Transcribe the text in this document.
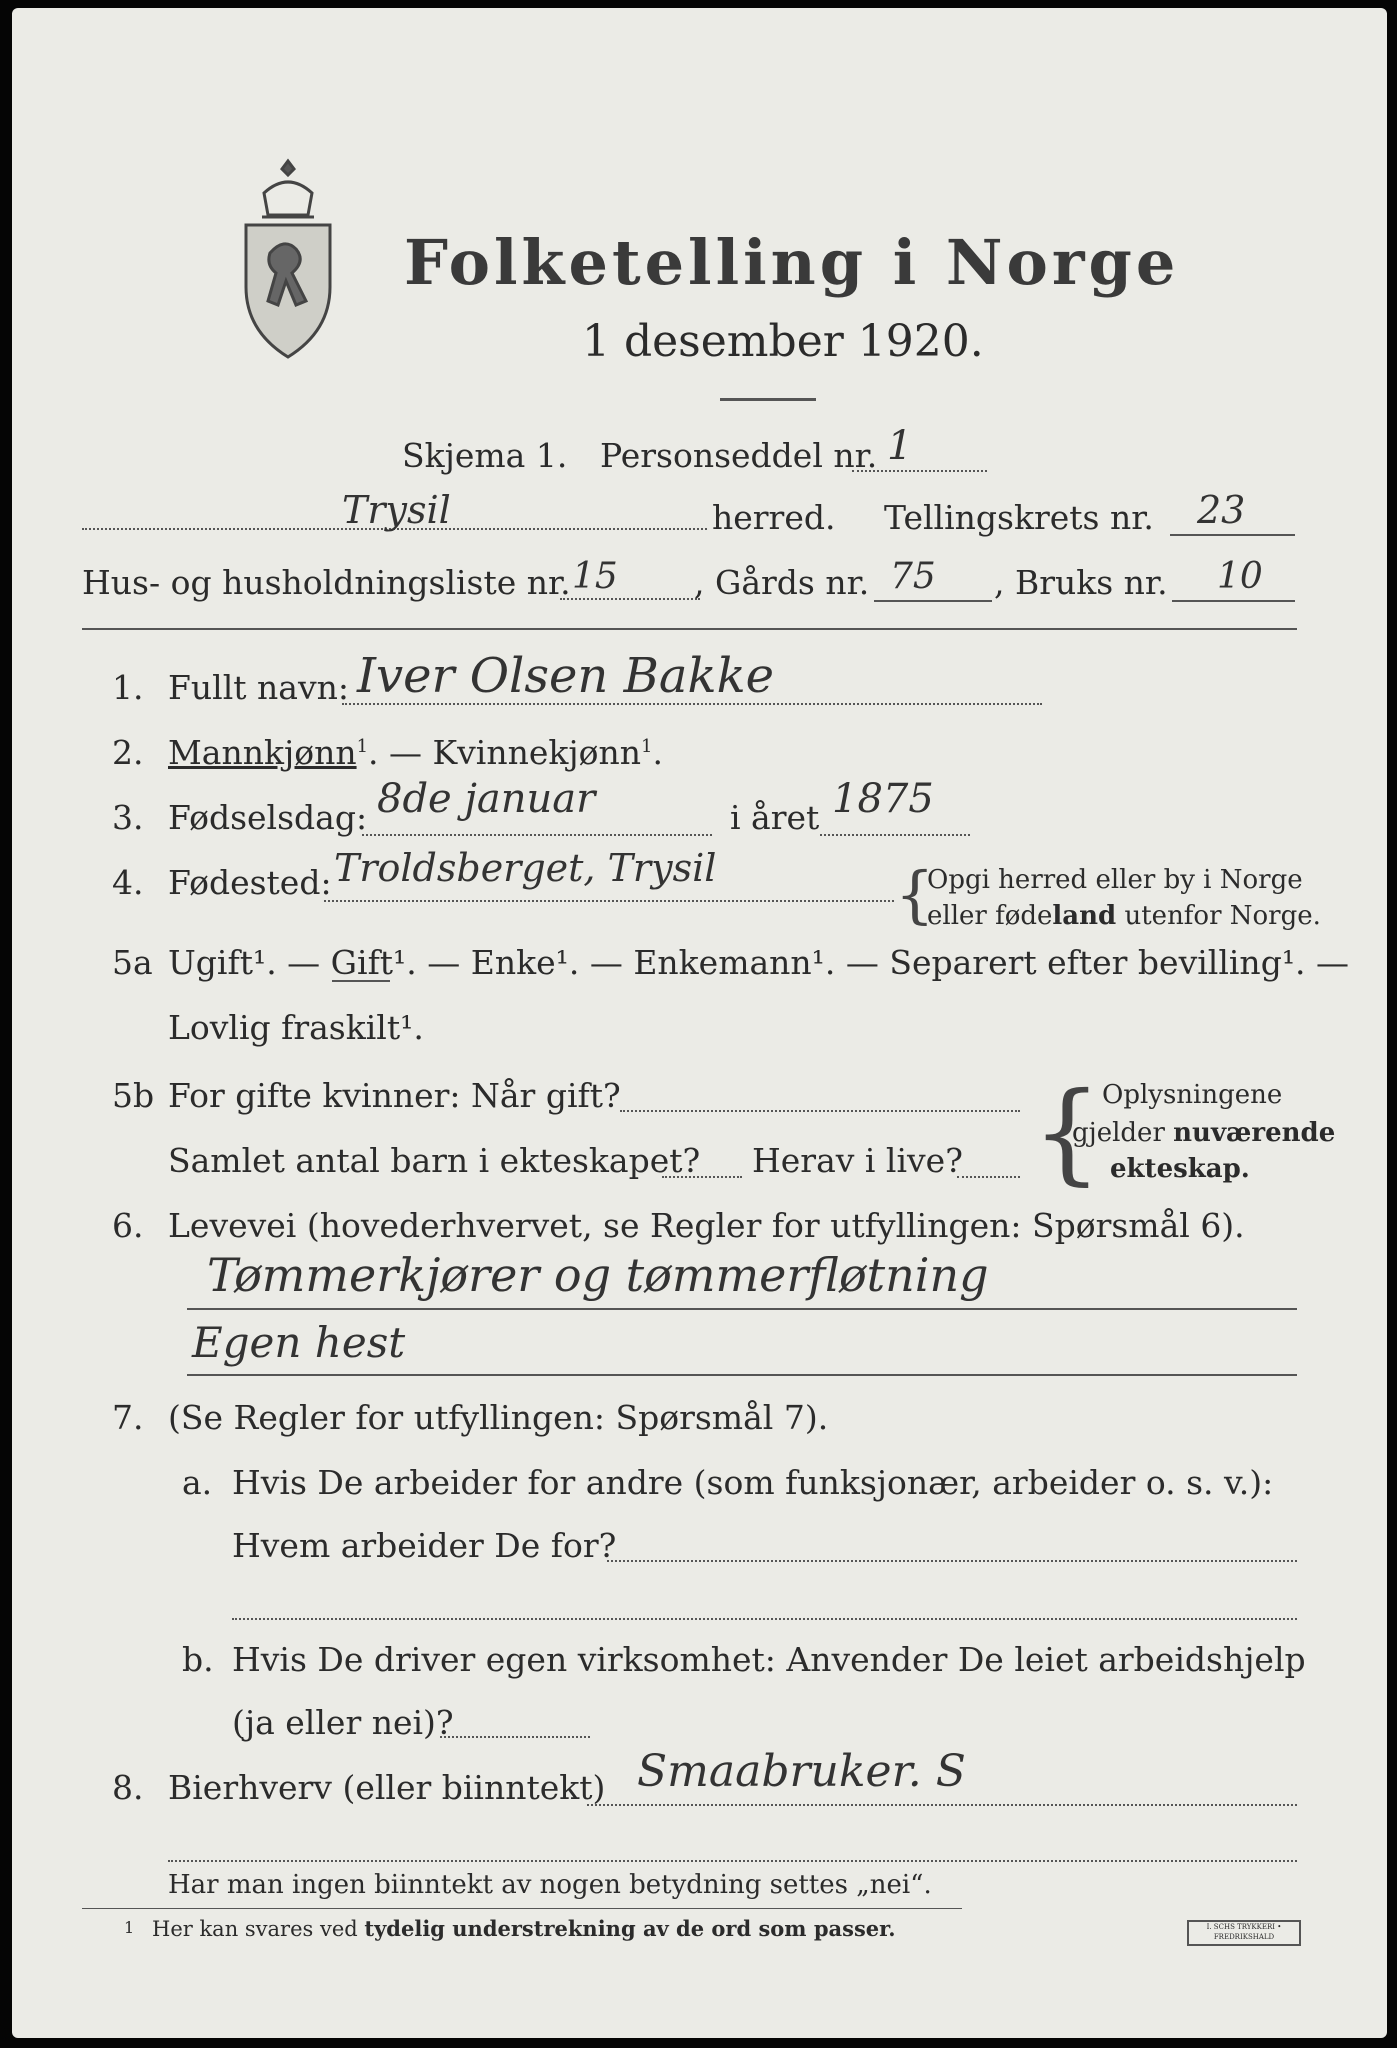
Folketelling i Norge
1 desember 1920.
Skjema 1. Personseddel nr. 1
Trysil	herred. Tellingskrets nr. 23
Hus- og husholdningsliste nr. 15 , Gårds nr. 75 , Bruks nr. 10
1. Fullt navn: Iver Olsen Bakke
2. Mannkjønn$^1$. — Kvinnekjønn$^1$.
3. Fødselsdag: 8de januar	i året 1875
4. Fødested: Troldsberget, Trysil	{
Opgi herred eller by i Norge
eller fødeland utenfor Norge.
5a Ugift¹. — Gift¹. — Enke¹. — Enkemann¹. — Separert efter bevilling¹. —
Lovlig fraskilt¹.
5b For gifte kvinner: Når gift?
Samlet antal barn i ekteskapet? Herav i live? { Oplysningene
gjelder nuværende
ekteskap.
6. Levevei (hovederhvervet, se Regler for utfyllingen: Spørsmål 6).
Tømmerkjører og tømmerfløtning
Egen hest
7. (Se Regler for utfyllingen: Spørsmål 7).
a. Hvis De arbeider for andre (som funksjonær, arbeider o. s. v.):
Hvem arbeider De for?
b. Hvis De driver egen virksomhet: Anvender De leiet arbeidshjelp
(ja eller nei)?
8. Bierhverv (eller biinntekt) Smaabruker. S
Har man ingen biinntekt av nogen betydning settes „nei“.
1 Her kan svares ved tydelig understrekning av de ord som passer.	I. SCHS TRYKKERI • FREDRIKSHALD
